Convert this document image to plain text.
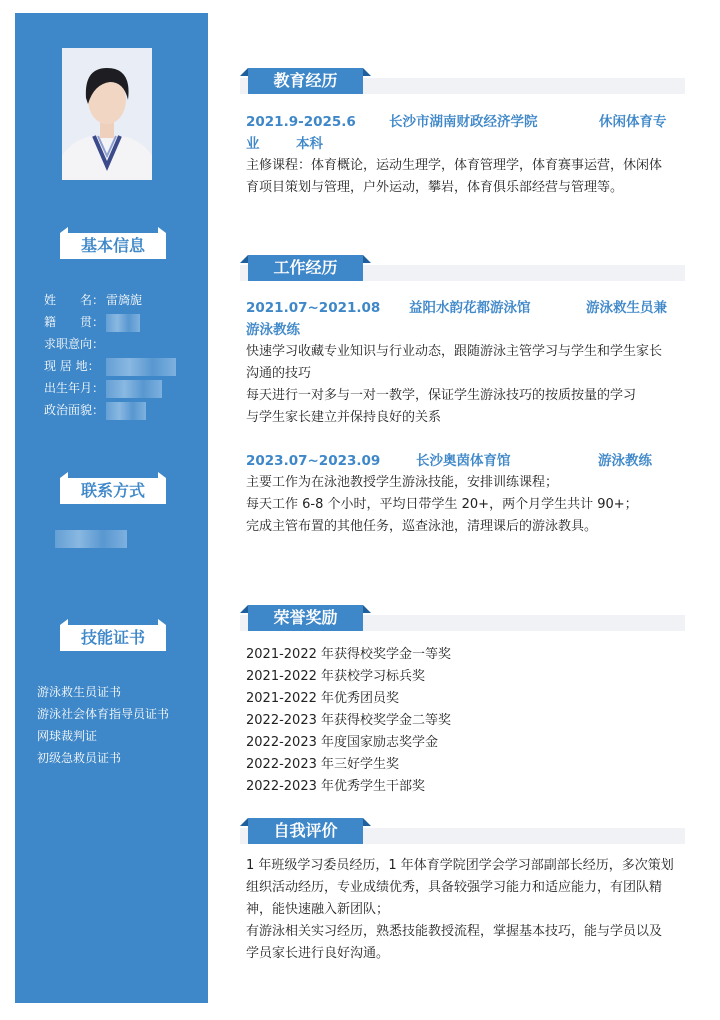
基本信息
姓　　名： 雷旖旎
籍　　贯：
求职意向：
现 居 地：
出生年月：
政治面貌：
联系方式
技能证书
游泳救生员证书
游泳社会体育指导员证书
网球裁判证
初级急救员证书
教育经历
2021.9-2025.6 长沙市湖南财政经济学院	休闲体育专
业	本科
主修课程：体育概论，运动生理学，体育管理学，体育赛事运营，休闲体
育项目策划与管理，户外运动，攀岩，体育俱乐部经营与管理等。
工作经历
2021.07~2021.08 益阳水韵花都游泳馆	游泳救生员兼
游泳教练
快速学习收藏专业知识与行业动态，跟随游泳主管学习与学生和学生家长
沟通的技巧
每天进行一对多与一对一教学，保证学生游泳技巧的按质按量的学习
与学生家长建立并保持良好的关系
2023.07~2023.09	长沙奥茵体育馆	游泳教练
主要工作为在泳池教授学生游泳技能，安排训练课程；
每天工作 6-8 个小时，平均日带学生 20+，两个月学生共计 90+；
完成主管布置的其他任务，巡查泳池，清理课后的游泳教具。
荣誉奖励
2021-2022 年获得校奖学金一等奖
2021-2022 年获校学习标兵奖
2021-2022 年优秀团员奖
2022-2023 年获得校奖学金二等奖
2022-2023 年度国家励志奖学金
2022-2023 年三好学生奖
2022-2023 年优秀学生干部奖
自我评价
1 年班级学习委员经历，1 年体育学院团学会学习部副部长经历，多次策划
组织活动经历，专业成绩优秀，具备较强学习能力和适应能力，有团队精
神，能快速融入新团队；
有游泳相关实习经历，熟悉技能教授流程，掌握基本技巧，能与学员以及
学员家长进行良好沟通。
